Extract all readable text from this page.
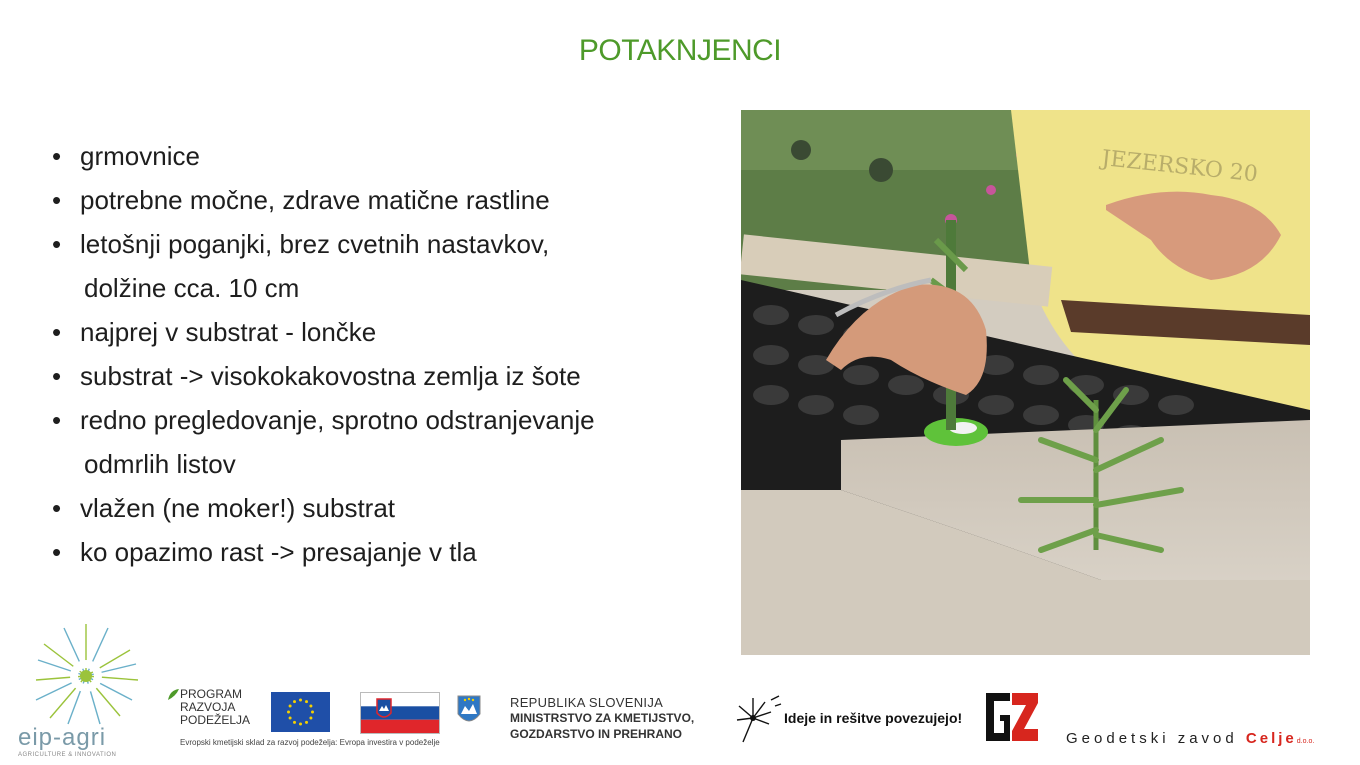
POTAKNJENCI
• grmovnice
• potrebne močne, zdrave matične rastline
• letošnji poganjki, brez cvetnih nastavkov,
dolžine cca. 10 cm
• najprej v substrat - lončke
• substrat -> visokokakovostna zemlja iz šote
• redno pregledovanje, sprotno odstranjevanje
odmrlih listov
• vlažen (ne moker!) substrat
• ko opazimo rast -> presajanje v tla
JEZERSKO 20
eip-agri
AGRICULTURE & INNOVATION
PROGRAM
RAZVOJA
PODEŽELJA
Evropski kmetijski sklad za razvoj podeželja: Evropa investira v podeželje
REPUBLIKA SLOVENIJA
MINISTRSTVO ZA KMETIJSTVO,
GOZDARSTVO IN PREHRANO
Ideje in rešitve povezujejo!
Geodetski zavod Celjed.o.o.
